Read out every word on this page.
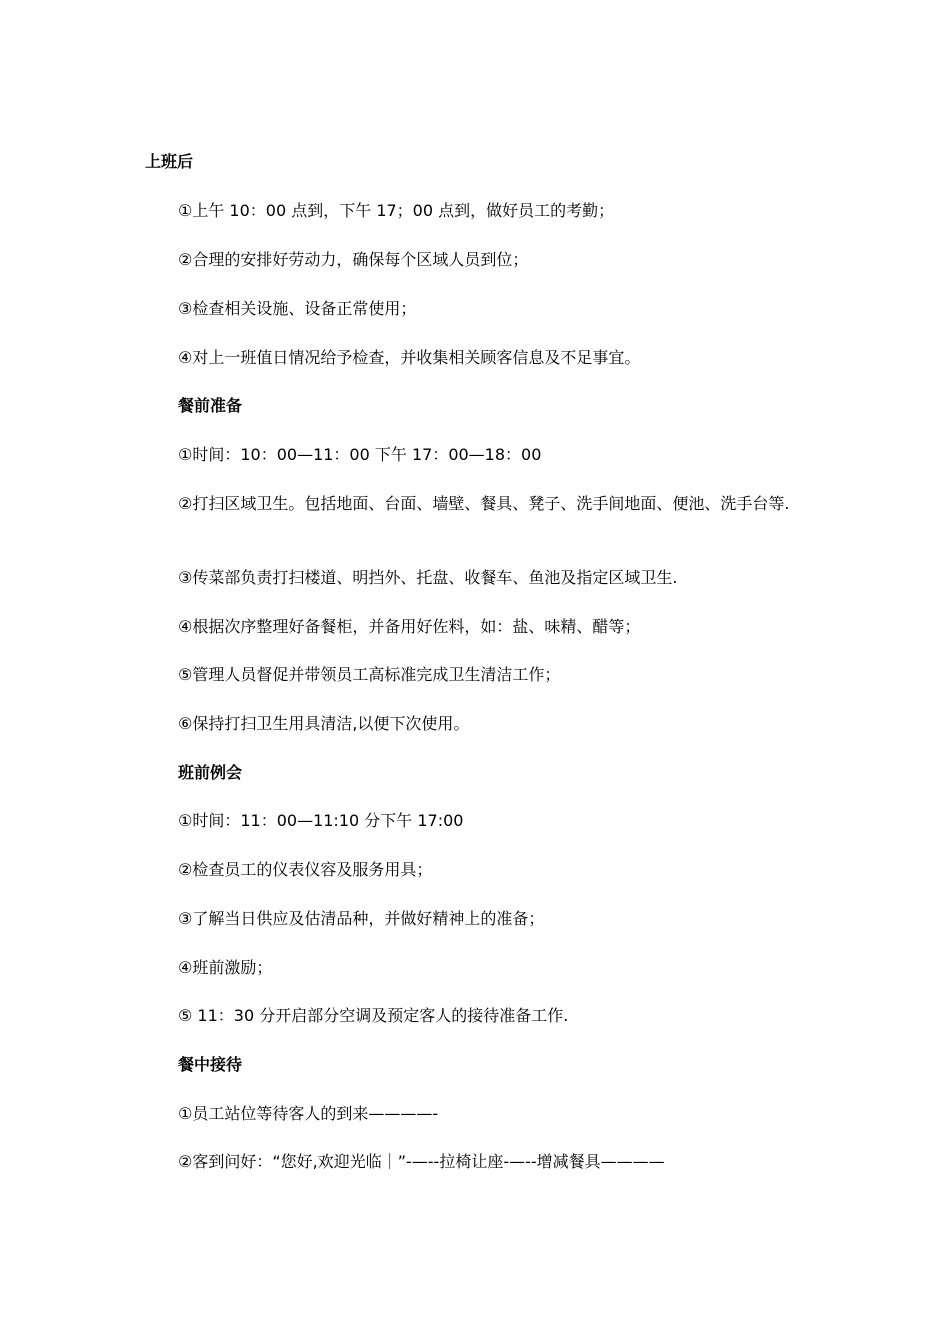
上班后
①上午 10：00 点到，下午 17；00 点到，做好员工的考勤；
②合理的安排好劳动力，确保每个区域人员到位；
③检查相关设施、设备正常使用；
④对上一班值日情况给予检查，并收集相关顾客信息及不足事宜。
餐前准备
①时间：10：00—11：00 下午 17：00—18：00
②打扫区域卫生。包括地面、台面、墙壁、餐具、凳子、洗手间地面、便池、洗手台等.
③传菜部负责打扫楼道、明挡外、托盘、收餐车、鱼池及指定区域卫生.
④根据次序整理好备餐柜，并备用好佐料，如：盐、味精、醋等；
⑤管理人员督促并带领员工高标准完成卫生清洁工作；
⑥保持打扫卫生用具清洁,以便下次使用。
班前例会
①时间：11：00—11:10 分下午 17:00
②检查员工的仪表仪容及服务用具；
③了解当日供应及估清品种，并做好精神上的准备；
④班前激励；
⑤ 11：30 分开启部分空调及预定客人的接待准备工作.
餐中接待
①员工站位等待客人的到来————-
②客到问好：“您好,欢迎光临｜”-—--拉椅让座-—--增减餐具————
